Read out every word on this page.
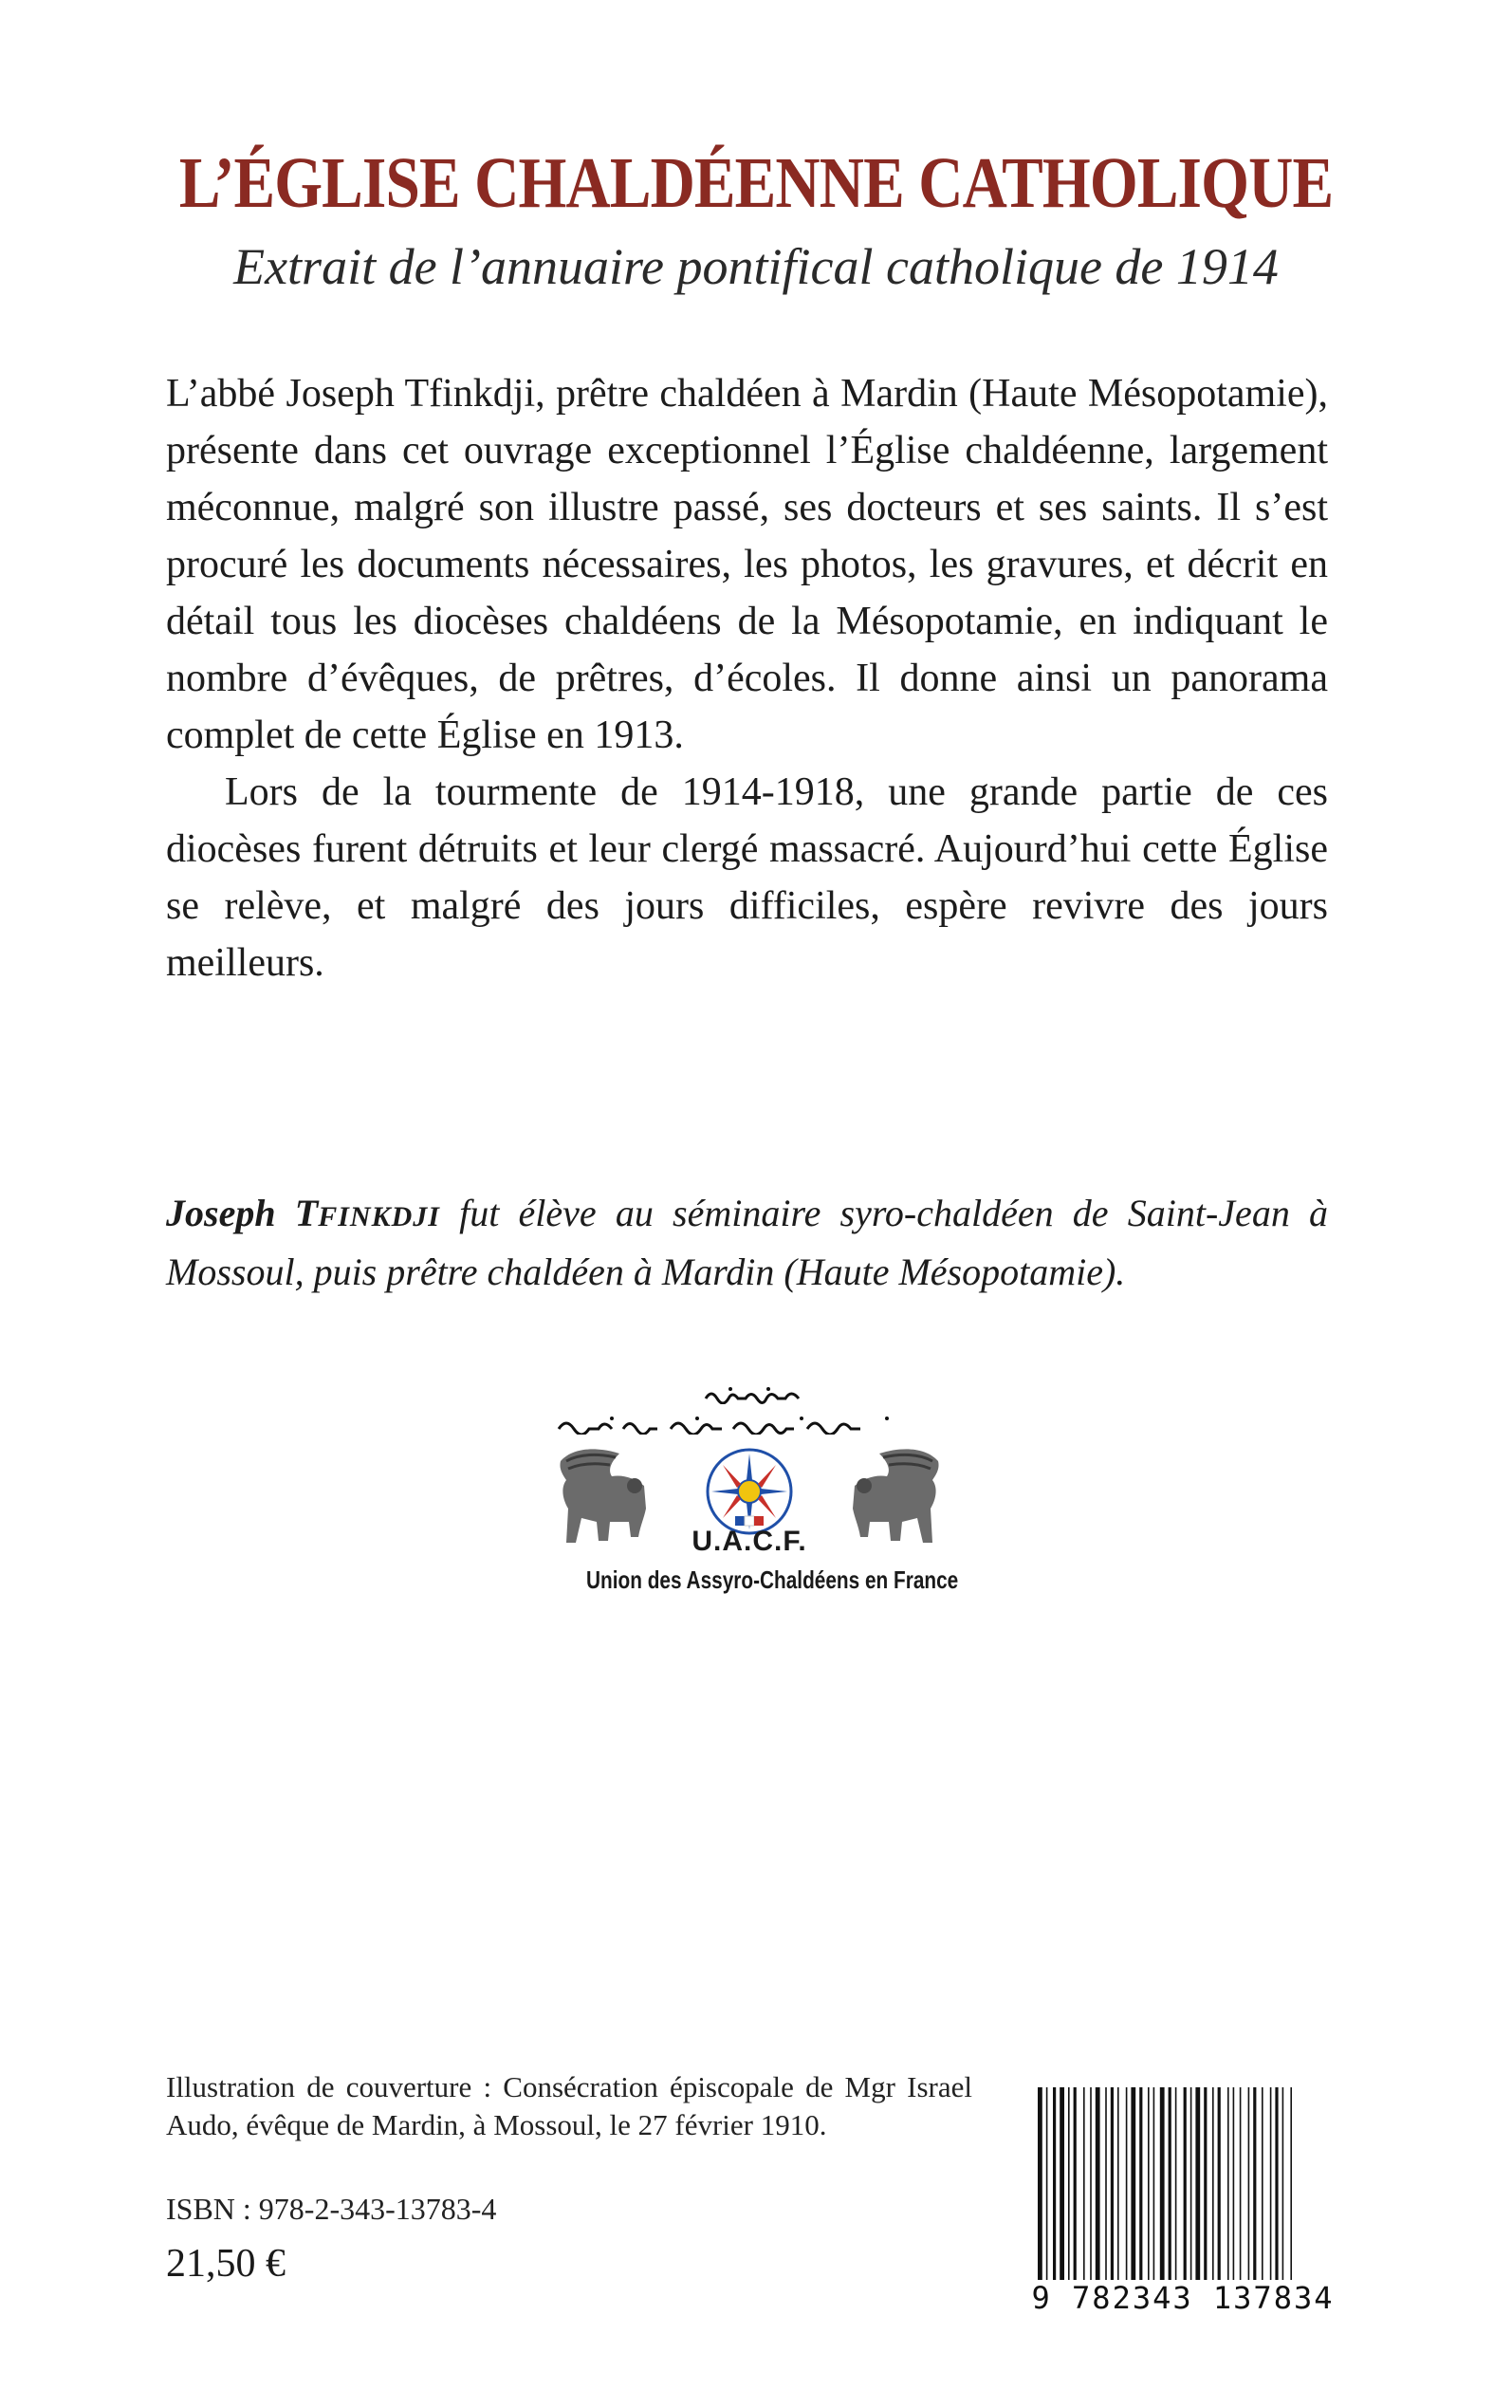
L’ÉGLISE CHALDÉENNE CATHOLIQUE
Extrait de l’annuaire pontifical catholique de 1914

L’abbé Joseph Tfinkdji, prêtre chaldéen à Mardin (Haute Mésopotamie), présente dans cet ouvrage exceptionnel l’Église chaldéenne, largement méconnue, malgré son illustre passé, ses docteurs et ses saints. Il s’est procuré les documents nécessaires, les photos, les gravures, et décrit en détail tous les diocèses chaldéens de la Mésopotamie, en indiquant le nombre d’évêques, de prêtres, d’écoles. Il donne ainsi un panorama complet de cette Église en 1913.

Lors de la tourmente de 1914-1918, une grande partie de ces diocèses furent détruits et leur clergé massacré. Aujourd’hui cette Église se relève, et malgré des jours difficiles, espère revivre des jours meilleurs.

Joseph TFINKDJI fut élève au séminaire syro-chaldéen de Saint-Jean à Mossoul, puis prêtre chaldéen à Mardin (Haute Mésopotamie).
U.A.C.F.
Union des Assyro-Chaldéens en France
Illustration de couverture : Consécration épiscopale de Mgr Israel Audo, évêque de Mardin, à Mossoul, le 27 février 1910.
ISBN : 978-2-343-13783-4
21,50 €
9 782343 137834
